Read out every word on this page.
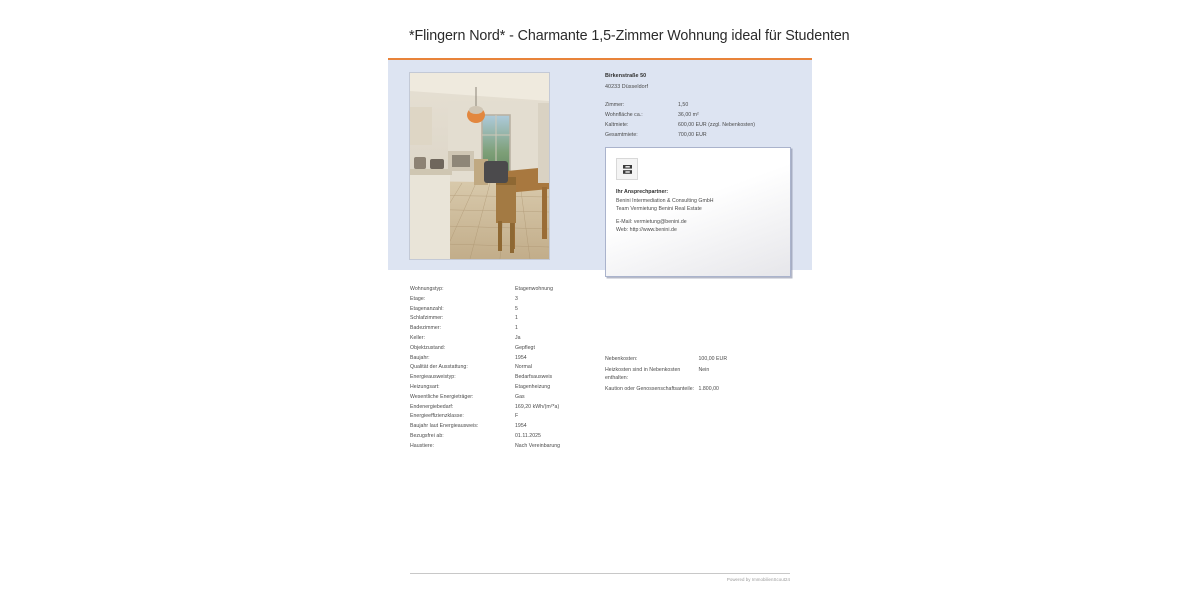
*Flingern Nord* - Charmante 1,5-Zimmer Wohnung ideal für Studenten
Birkenstraße 50
40233 Düsseldorf
Zimmer:	1,50
Wohnfläche ca.:	36,00 m²
Kaltmiete:	600,00 EUR (zzgl. Nebenkosten)
Gesamtmiete:	700,00 EUR

Ihr Ansprechpartner:
Benini Intermediation & Consulting GmbH
Team Vermietung Benini Real Estate
E-Mail: vermietung@benini.de
Web: http://www.benini.de
Wohnungstyp:	Etagenwohnung
Etage:	3
Etagenanzahl:	5
Schlafzimmer:	1
Badezimmer:	1
Keller:	Ja
Objektzustand:	Gepflegt
Baujahr:	1954
Qualität der Ausstattung:	Normal
Energieausweistyp:	Bedarfsausweis
Heizungsart:	Etagenheizung
Wesentliche Energieträger:	Gas
Endenergiebedarf:	169,20 kWh/(m²*a)
Energieeffizienzklasse:	F
Baujahr laut Energieausweis:	1954
Bezugsfrei ab:	01.11.2025
Haustiere:	Nach Vereinbarung
Nebenkosten:	100,00 EUR
Heizkosten sind in Nebenkosten enthalten:	Nein
Kaution oder Genossenschaftsanteile:	1.800,00
Powered by ImmobilienScout24
